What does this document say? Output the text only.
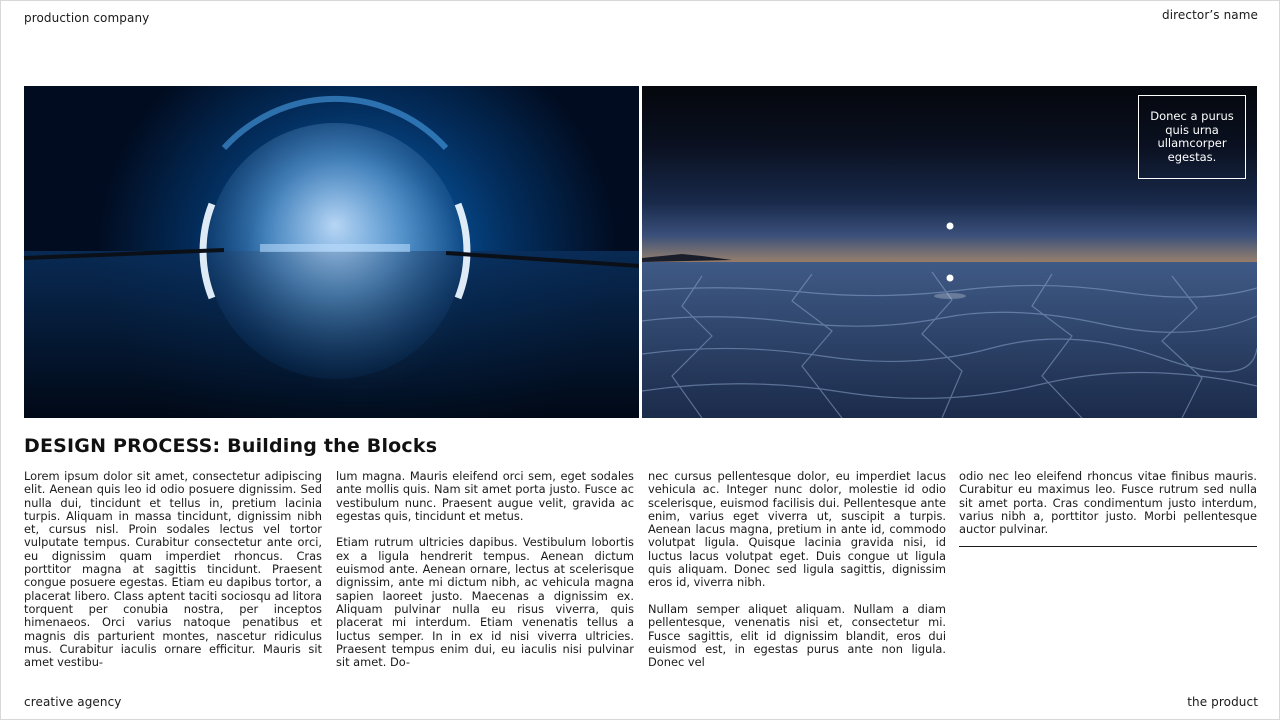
production company	director’s name
creative agency	the product
Donec a purus quis urna ullamcorper egestas.
DESIGN PROCESS: Building the Blocks

Lorem ipsum dolor sit amet, consectetur adipiscing elit. Aenean quis leo id odio posuere dignissim. Sed nulla dui, tincidunt et tellus in, pretium lacinia turpis. Aliquam in massa tincidunt, dignissim nibh et, cursus nisl. Proin sodales lectus vel tortor vulputate tempus. Curabitur consectetur ante orci, eu dignissim quam imperdiet rhoncus. Cras porttitor magna at sagittis tincidunt. Praesent congue posuere egestas. Etiam eu dapibus tortor, a placerat libero. Class aptent taciti sociosqu ad litora torquent per conubia nostra, per inceptos himenaeos. Orci varius natoque penatibus et magnis dis parturient montes, nascetur ridiculus mus. Curabitur iaculis ornare efficitur. Mauris sit amet vestibu-

lum magna. Mauris eleifend orci sem, eget sodales ante mollis quis. Nam sit amet porta justo. Fusce ac vestibulum nunc. Praesent augue velit, gravida ac egestas quis, tincidunt et metus.

Etiam rutrum ultricies dapibus. Vestibulum lobortis ex a ligula hendrerit tempus. Aenean dictum euismod ante. Aenean ornare, lectus at scelerisque dignissim, ante mi dictum nibh, ac vehicula magna sapien laoreet justo. Maecenas a dignissim ex. Aliquam pulvinar nulla eu risus viverra, quis placerat mi interdum. Etiam venenatis tellus a luctus semper. In in ex id nisi viverra ultricies. Praesent tempus enim dui, eu iaculis nisi pulvinar sit amet. Do-

nec cursus pellentesque dolor, eu imperdiet lacus vehicula ac. Integer nunc dolor, molestie id odio scelerisque, euismod facilisis dui. Pellentesque ante enim, varius eget viverra ut, suscipit a turpis. Aenean lacus magna, pretium in ante id, commodo volutpat ligula. Quisque lacinia gravida nisi, id luctus lacus volutpat eget. Duis congue ut ligula quis aliquam. Donec sed ligula sagittis, dignissim eros id, viverra nibh.

Nullam semper aliquet aliquam. Nullam a diam pellentesque, venenatis nisi et, consectetur mi. Fusce sagittis, elit id dignissim blandit, eros dui euismod est, in egestas purus ante non ligula. Donec vel

odio nec leo eleifend rhoncus vitae finibus mauris. Curabitur eu maximus leo. Fusce rutrum sed nulla sit amet porta. Cras condimentum justo interdum, varius nibh a, porttitor justo. Morbi pellentesque auctor pulvinar.
